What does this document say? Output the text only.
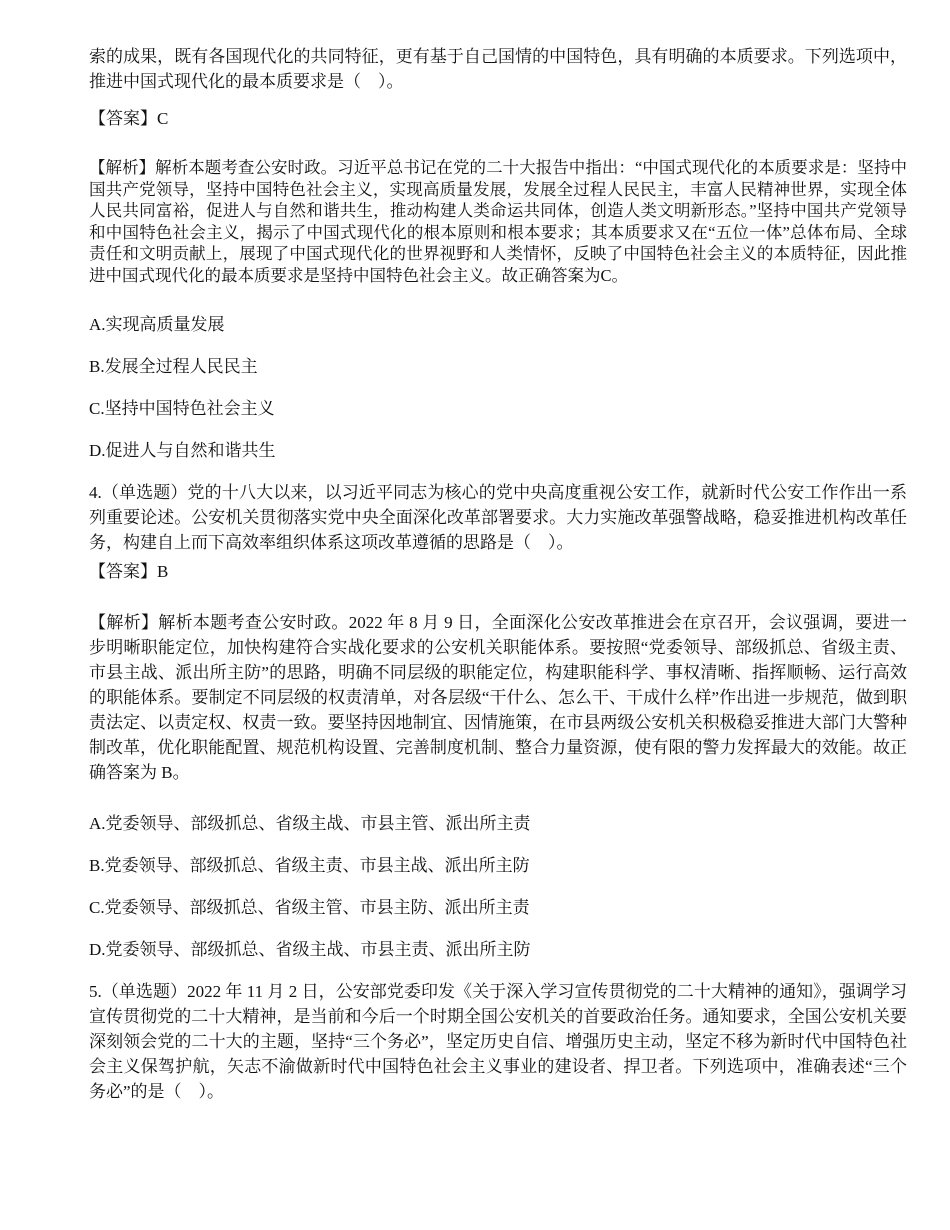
索的成果，既有各国现代化的共同特征，更有基于自己国情的中国特色，具有明确的本质要求。下列选项中，推进中国式现代化的最本质要求是（　）。

【答案】C

【解析】解析本题考查公安时政。习近平总书记在党的二十大报告中指出：“中国式现代化的本质要求是：坚持中国共产党领导，坚持中国特色社会主义，实现高质量发展，发展全过程人民民主，丰富人民精神世界，实现全体人民共同富裕，促进人与自然和谐共生，推动构建人类命运共同体，创造人类文明新形态。”坚持中国共产党领导和中国特色社会主义，揭示了中国式现代化的根本原则和根本要求；其本质要求又在“五位一体”总体布局、全球责任和文明贡献上，展现了中国式现代化的世界视野和人类情怀，反映了中国特色社会主义的本质特征，因此推进中国式现代化的最本质要求是坚持中国特色社会主义。故正确答案为C。

A.实现高质量发展

B.发展全过程人民民主

C.坚持中国特色社会主义

D.促进人与自然和谐共生

4.（单选题）党的十八大以来，以习近平同志为核心的党中央高度重视公安工作，就新时代公安工作作出一系列重要论述。公安机关贯彻落实党中央全面深化改革部署要求。大力实施改革强警战略，稳妥推进机构改革任务，构建自上而下高效率组织体系这项改革遵循的思路是（　）。

【答案】B

【解析】解析本题考查公安时政。2022 年 8 月 9 日，全面深化公安改革推进会在京召开，会议强调，要进一步明晰职能定位，加快构建符合实战化要求的公安机关职能体系。要按照“党委领导、部级抓总、省级主责、市县主战、派出所主防”的思路，明确不同层级的职能定位，构建职能科学、事权清晰、指挥顺畅、运行高效的职能体系。要制定不同层级的权责清单，对各层级“干什么、怎么干、干成什么样”作出进一步规范，做到职责法定、以责定权、权责一致。要坚持因地制宜、因情施策，在市县两级公安机关积极稳妥推进大部门大警种制改革，优化职能配置、规范机构设置、完善制度机制、整合力量资源，使有限的警力发挥最大的效能。故正确答案为 B。

A.党委领导、部级抓总、省级主战、市县主管、派出所主责

B.党委领导、部级抓总、省级主责、市县主战、派出所主防

C.党委领导、部级抓总、省级主管、市县主防、派出所主责

D.党委领导、部级抓总、省级主战、市县主责、派出所主防

5.（单选题）2022 年 11 月 2 日，公安部党委印发《关于深入学习宣传贯彻党的二十大精神的通知》，强调学习宣传贯彻党的二十大精神，是当前和今后一个时期全国公安机关的首要政治任务。通知要求，全国公安机关要深刻领会党的二十大的主题，坚持“三个务必”，坚定历史自信、增强历史主动，坚定不移为新时代中国特色社会主义保驾护航，矢志不渝做新时代中国特色社会主义事业的建设者、捍卫者。下列选项中，准确表述“三个务必”的是（　）。
